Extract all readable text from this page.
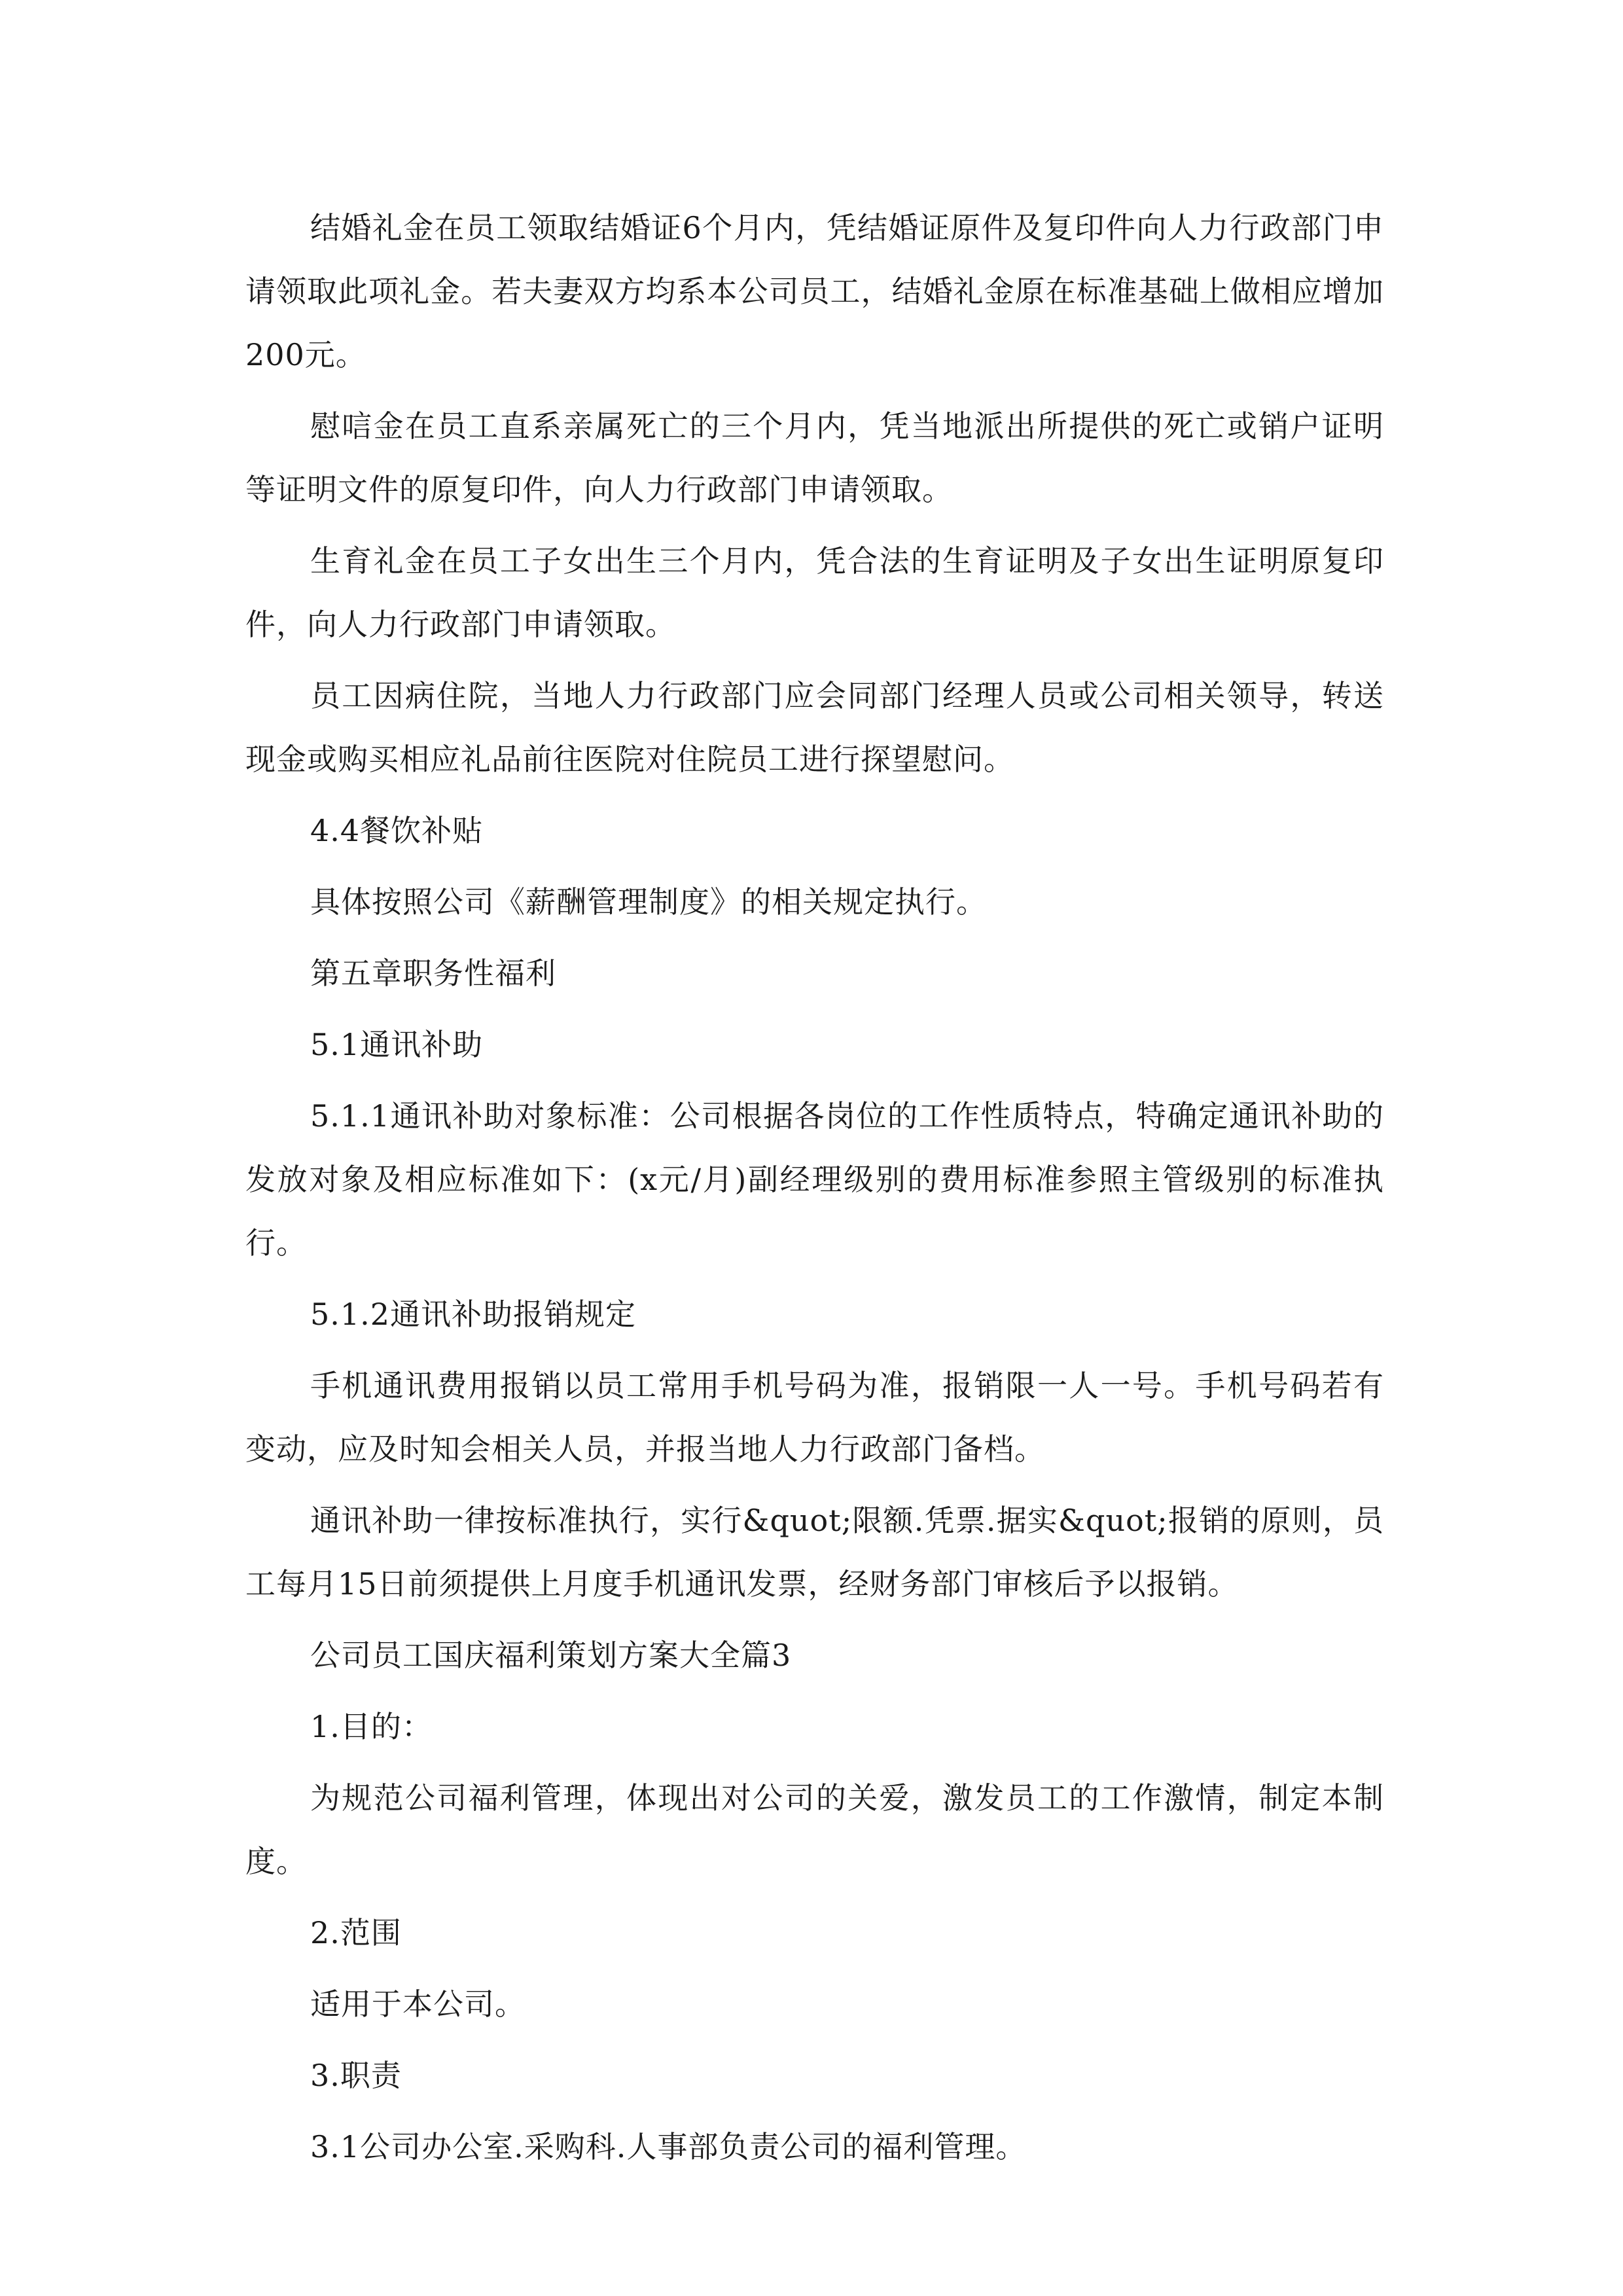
结婚礼金在员工领取结婚证6个月内，凭结婚证原件及复印件向人力行政部门申请领取此项礼金。若夫妻双方均系本公司员工，结婚礼金原在标准基础上做相应增加200元。

慰唁金在员工直系亲属死亡的三个月内，凭当地派出所提供的死亡或销户证明等证明文件的原复印件，向人力行政部门申请领取。

生育礼金在员工子女出生三个月内，凭合法的生育证明及子女出生证明原复印件，向人力行政部门申请领取。

员工因病住院，当地人力行政部门应会同部门经理人员或公司相关领导，转送现金或购买相应礼品前往医院对住院员工进行探望慰问。

4.4餐饮补贴

具体按照公司《薪酬管理制度》的相关规定执行。

第五章职务性福利

5.1通讯补助

5.1.1通讯补助对象标准：公司根据各岗位的工作性质特点，特确定通讯补助的发放对象及相应标准如下：(x元/月)副经理级别的费用标准参照主管级别的标准执行。

5.1.2通讯补助报销规定

手机通讯费用报销以员工常用手机号码为准，报销限一人一号。手机号码若有变动，应及时知会相关人员，并报当地人力行政部门备档。

通讯补助一律按标准执行，实行&quot;限额.凭票.据实&quot;报销的原则，员工每月15日前须提供上月度手机通讯发票，经财务部门审核后予以报销。

公司员工国庆福利策划方案大全篇3

1.目的：

为规范公司福利管理，体现出对公司的关爱，激发员工的工作激情，制定本制度。

2.范围

适用于本公司。

3.职责

3.1公司办公室.采购科.人事部负责公司的福利管理。
